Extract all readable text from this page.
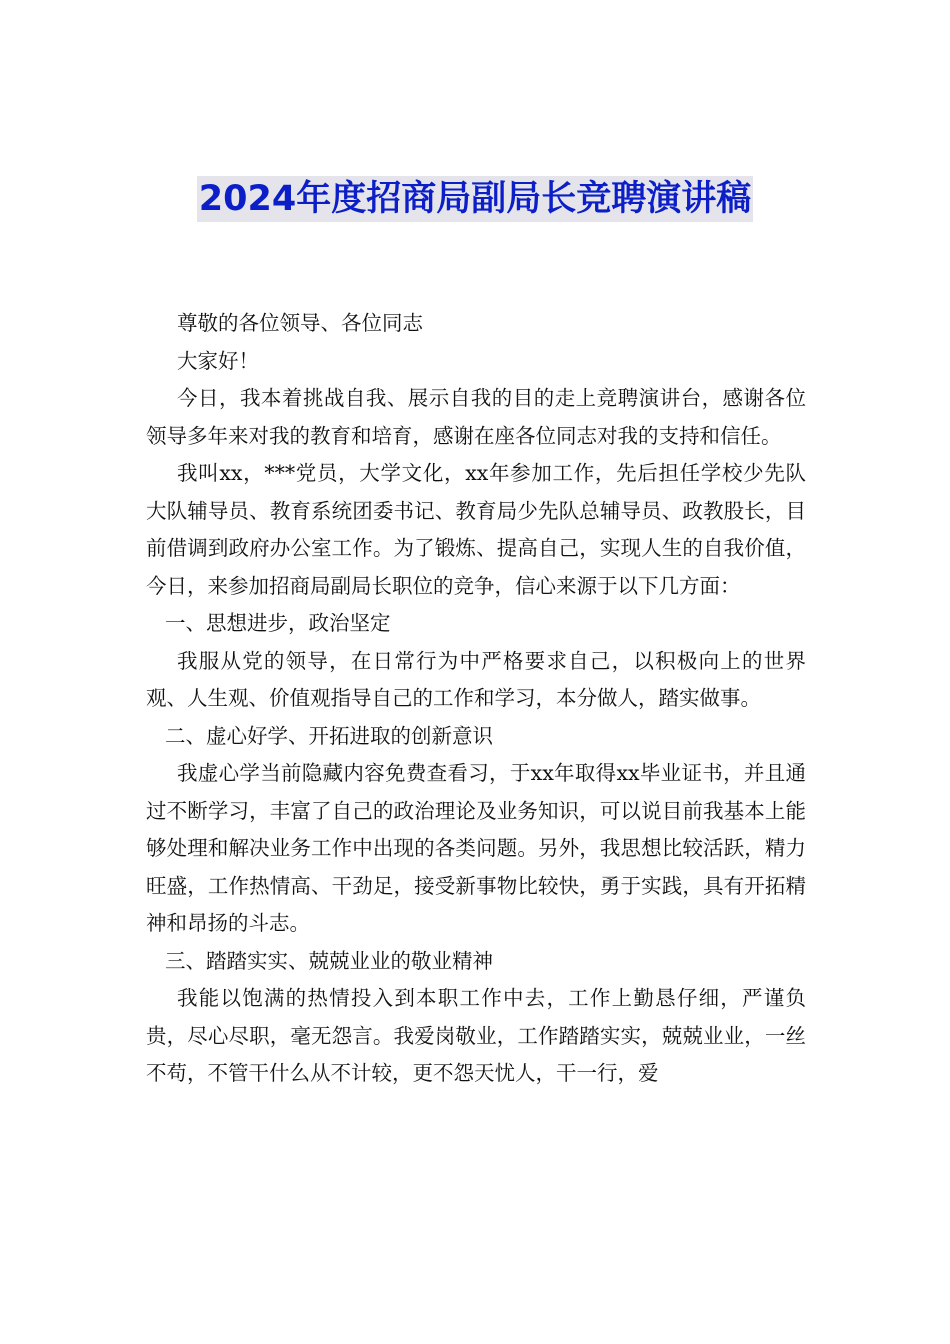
2024年度招商局副局长竞聘演讲稿

尊敬的各位领导、各位同志

大家好！

今日，我本着挑战自我、展示自我的目的走上竞聘演讲台，感谢各位领导多年来对我的教育和培育，感谢在座各位同志对我的支持和信任。

我叫xx，***党员，大学文化，xx年参加工作，先后担任学校少先队大队辅导员、教育系统团委书记、教育局少先队总辅导员、政教股长，目前借调到政府办公室工作。为了锻炼、提高自己，实现人生的自我价值，今日，来参加招商局副局长职位的竞争，信心来源于以下几方面：

一、思想进步，政治坚定

我服从党的领导，在日常行为中严格要求自己，以积极向上的世界观、人生观、价值观指导自己的工作和学习，本分做人，踏实做事。

二、虚心好学、开拓进取的创新意识

我虚心学当前隐藏内容免费查看习，于xx年取得xx毕业证书，并且通过不断学习，丰富了自己的政治理论及业务知识，可以说目前我基本上能够处理和解决业务工作中出现的各类问题。另外，我思想比较活跃，精力旺盛，工作热情高、干劲足，接受新事物比较快，勇于实践，具有开拓精神和昂扬的斗志。

三、踏踏实实、兢兢业业的敬业精神

我能以饱满的热情投入到本职工作中去，工作上勤恳仔细，严谨负贵，尽心尽职，毫无怨言。我爱岗敬业，工作踏踏实实，兢兢业业，一丝不苟，不管干什么从不计较，更不怨天忧人，干一行，爱
